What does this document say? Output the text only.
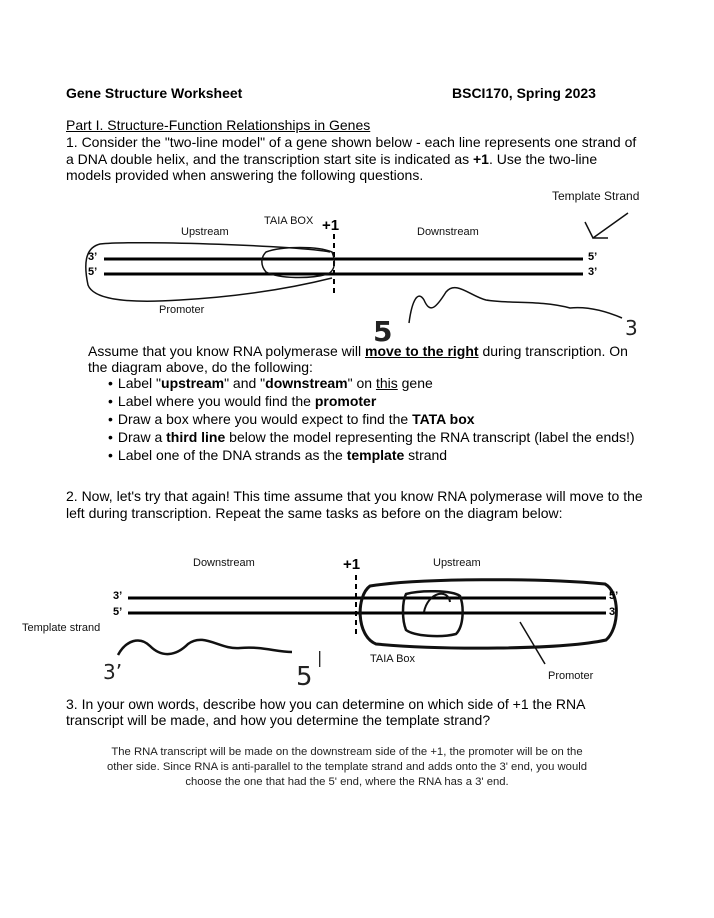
Gene Structure Worksheet	BSCI170, Spring 2023
Part I. Structure-Function Relationships in Genes
1. Consider the "two-line model" of a gene shown below - each line represents one strand of
a DNA double helix, and the transcription start site is indicated as +1. Use the two-line
models provided when answering the following questions.
Template Strand
TAIA BOX +1
Upstream	Downstream
3’
5’
5’
3’
Promoter
5	3
Assume that you know RNA polymerase will move to the right during transcription. On
the diagram above, do the following:
• Label "upstream" and "downstream" on this gene
• Label where you would find the promoter
• Draw a box where you would expect to find the TATA box
• Draw a third line below the model representing the RNA transcript (label the ends!)
• Label one of the DNA strands as the template strand
2. Now, let's try that again! This time assume that you know RNA polymerase will move to the
left during transcription. Repeat the same tasks as before on the diagram below:
Downstream	+1	Upstream
3’
5’
5’
3’
Template strand
TAIA Box
Promoter
3’	5
|
3. In your own words, describe how you can determine on which side of +1 the RNA
transcript will be made, and how you determine the template strand?
The RNA transcript will be made on the downstream side of the +1, the promoter will be on the
other side. Since RNA is anti-parallel to the template strand and adds onto the 3' end, you would
choose the one that had the 5' end, where the RNA has a 3' end.
